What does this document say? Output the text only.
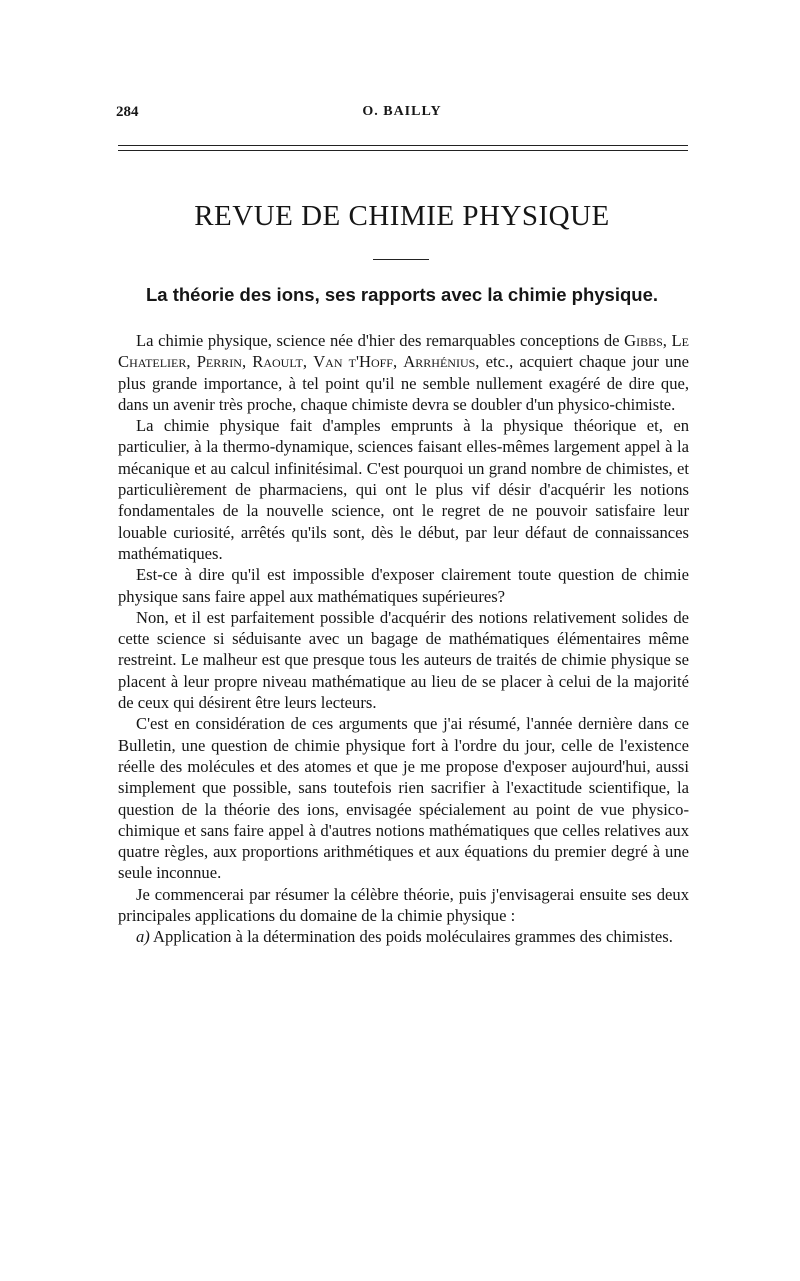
284	O. BAILLY
REVUE DE CHIMIE PHYSIQUE
La théorie des ions, ses rapports avec la chimie physique.

La chimie physique, science née d'hier des remarquables conceptions de Gibbs, Le Chatelier, Perrin, Raoult, Van t'Hoff, Arrhénius, etc., acquiert chaque jour une plus grande importance, à tel point qu'il ne semble nullement exagéré de dire que, dans un avenir très proche, chaque chimiste devra se doubler d'un physico-chimiste.

La chimie physique fait d'amples emprunts à la physique théorique et, en particulier, à la thermo-dynamique, sciences faisant elles-mêmes largement appel à la mécanique et au calcul infinitésimal. C'est pourquoi un grand nombre de chimistes, et particulièrement de pharmaciens, qui ont le plus vif désir d'acquérir les notions fondamentales de la nouvelle science, ont le regret de ne pouvoir satisfaire leur louable curiosité, arrêtés qu'ils sont, dès le début, par leur défaut de connaissances mathématiques.

Est-ce à dire qu'il est impossible d'exposer clairement toute question de chimie physique sans faire appel aux mathématiques supérieures?

Non, et il est parfaitement possible d'acquérir des notions relativement solides de cette science si séduisante avec un bagage de mathématiques élémentaires même restreint. Le malheur est que presque tous les auteurs de traités de chimie physique se placent à leur propre niveau mathématique au lieu de se placer à celui de la majorité de ceux qui désirent être leurs lecteurs.

C'est en considération de ces arguments que j'ai résumé, l'année dernière dans ce Bulletin, une question de chimie physique fort à l'ordre du jour, celle de l'existence réelle des molécules et des atomes et que je me propose d'exposer aujourd'hui, aussi simplement que possible, sans toutefois rien sacrifier à l'exactitude scientifique, la question de la théorie des ions, envisagée spécialement au point de vue physico-chimique et sans faire appel à d'autres notions mathématiques que celles relatives aux quatre règles, aux proportions arithmétiques et aux équations du premier degré à une seule inconnue.

Je commencerai par résumer la célèbre théorie, puis j'envisagerai ensuite ses deux principales applications du domaine de la chimie physique :

a) Application à la détermination des poids moléculaires grammes des chimistes.
